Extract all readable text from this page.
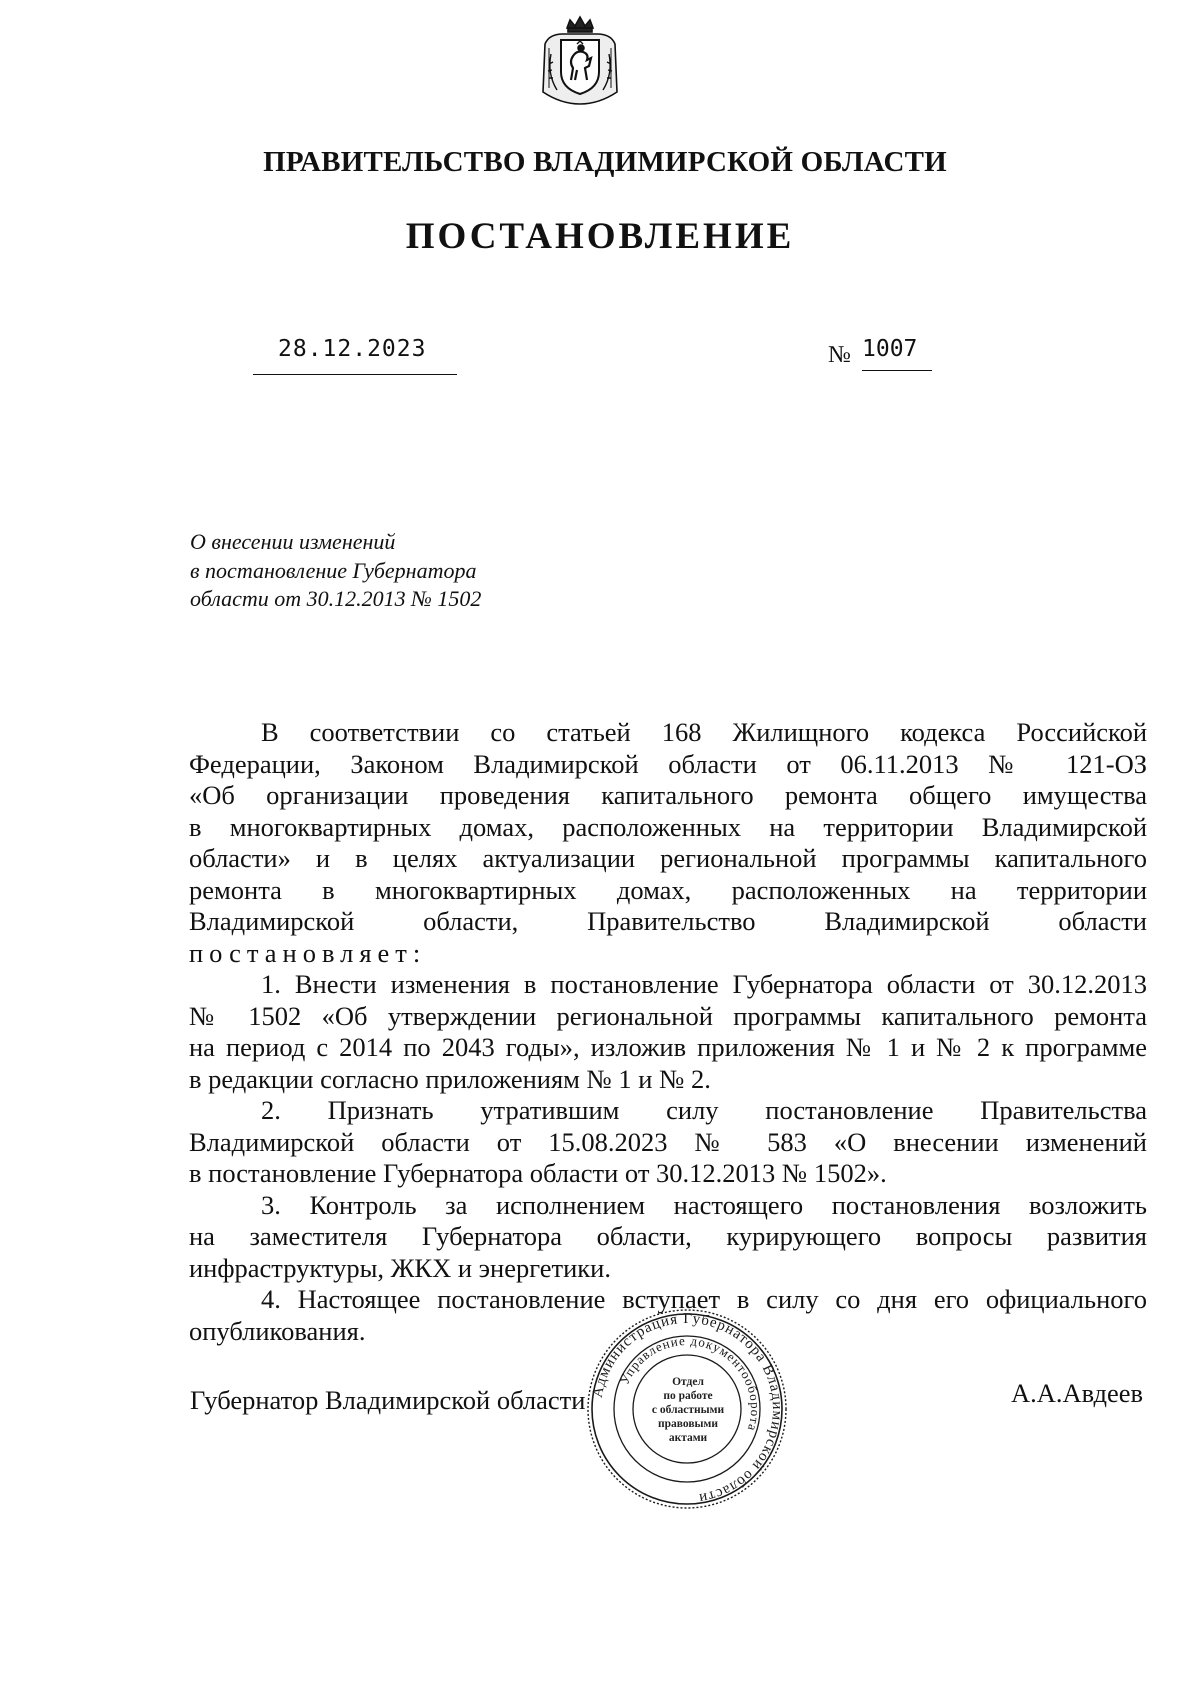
ПРАВИТЕЛЬСТВО ВЛАДИМИРСКОЙ ОБЛАСТИ
ПОСТАНОВЛЕНИЕ
28.12.2023	№ 1007
О внесении изменений
в постановление Губернатора
области от 30.12.2013 № 1502

В соответствии со статьей 168 Жилищного кодекса Российской

Федерации, Законом Владимирской области от 06.11.2013 № 121-ОЗ

«Об организации проведения капитального ремонта общего имущества

в многоквартирных домах, расположенных на территории Владимирской

области» и в целях актуализации региональной программы капитального

ремонта в многоквартирных домах, расположенных на территории

Владимирской области, Правительство Владимирской области

постановляет:

1. Внести изменения в постановление Губернатора области от 30.12.2013

№ 1502 «Об утверждении региональной программы капитального ремонта

на период с 2014 по 2043 годы», изложив приложения № 1 и № 2 к программе

в редакции согласно приложениям № 1 и № 2.

2. Признать утратившим силу постановление Правительства

Владимирской области от 15.08.2023 № 583 «О внесении изменений

в постановление Губернатора области от 30.12.2013 № 1502».

3. Контроль за исполнением настоящего постановления возложить

на заместителя Губернатора области, курирующего вопросы развития

инфраструктуры, ЖКХ и энергетики.

4. Настоящее постановление вступает в силу со дня его официального

опубликования.

Губернатор Владимирской области	А.А.Авдеев
Администрация Губернатора Владимирской области
Управление документооборота
Отдел
по работе
с областными
правовыми
актами
